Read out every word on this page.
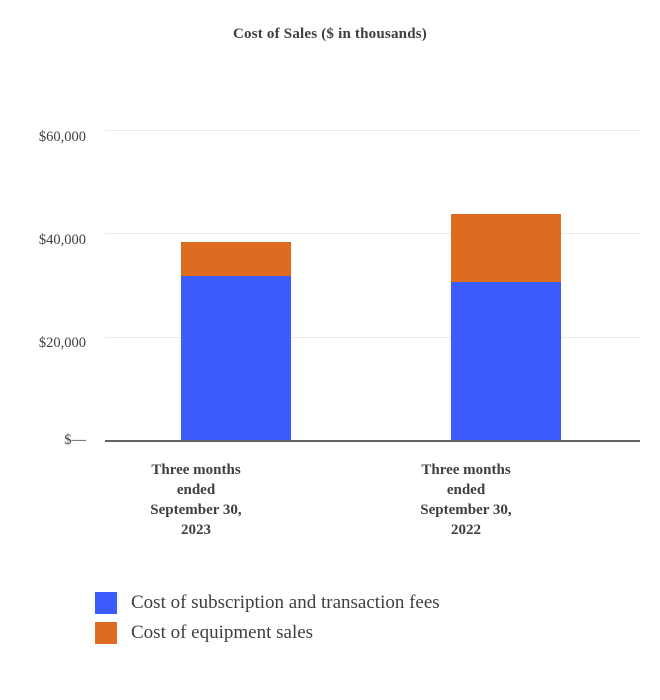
Cost of Sales ($ in thousands)
$60,000
$40,000
$20,000
$—
Three months
ended
September 30,
2023
Three months
ended
September 30,
2022
Cost of subscription and transaction fees
Cost of equipment sales
